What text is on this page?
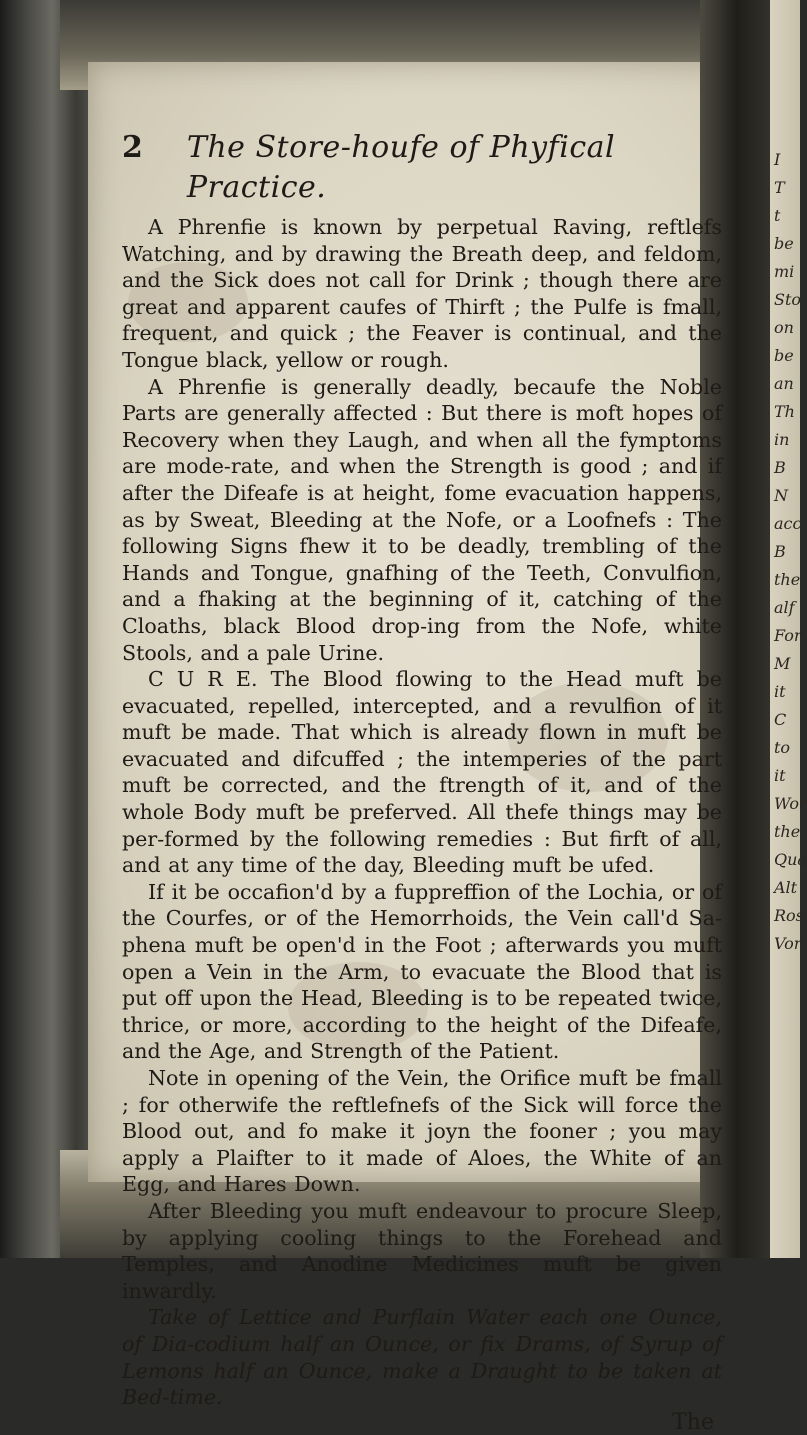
I
T
t
be
mi
Sto
on
be
an
Th
in
B
N
acc
B
the
alf
For
M
it
C
to
it
Wor
the
Qua
Alt
Ros
Vor
2	The Store-houfe of Phyfical Practice.

A Phrenfie is known by perpetual Raving, reftlefs Watching, and by drawing the Breath deep, and feldom, and the Sick does not call for Drink ; though there are great and apparent caufes of Thirft ; the Pulfe is fmall, frequent, and quick ; the Feaver is continual, and the Tongue black, yellow or rough.

A Phrenfie is generally deadly, becaufe the Noble Parts are generally affected : But there is moft hopes of Recovery when they Laugh, and when all the fymptoms are mode-rate, and when the Strength is good ; and if after the Difeafe is at height, fome evacuation happens, as by Sweat, Bleeding at the Nofe, or a Loofnefs : The following Signs fhew it to be deadly, trembling of the Hands and Tongue, gnafhing of the Teeth, Convulfion, and a fhaking at the beginning of it, catching of the Cloaths, black Blood drop-ing from the Nofe, white Stools, and a pale Urine.

C U R E. The Blood flowing to the Head muft be evacuated, repelled, intercepted, and a revulfion of it muft be made. That which is already flown in muft be evacuated and difcuffed ; the intemperies of the part muft be corrected, and the ftrength of it, and of the whole Body muft be preferved. All thefe things may be per-formed by the following remedies : But firft of all, and at any time of the day, Bleeding muft be ufed.

If it be occafion'd by a fuppreffion of the Lochia, or of the Courfes, or of the Hemorrhoids, the Vein call'd Sa-phena muft be open'd in the Foot ; afterwards you muft open a Vein in the Arm, to evacuate the Blood that is put off upon the Head, Bleeding is to be repeated twice, thrice, or more, according to the height of the Difeafe, and the Age, and Strength of the Patient.

Note in opening of the Vein, the Orifice muft be fmall ; for otherwife the reftlefnefs of the Sick will force the Blood out, and fo make it joyn the fooner ; you may apply a Plaifter to it made of Aloes, the White of an Egg, and Hares Down.

After Bleeding you muft endeavour to procure Sleep, by applying cooling things to the Forehead and Temples, and Anodine Medicines muft be given inwardly.

Take of Lettice and Purflain Water each one Ounce, of Dia-codium half an Ounce, or fix Drams, of Syrup of Lemons half an Ounce, make a Draught to be taken at Bed-time.

The
